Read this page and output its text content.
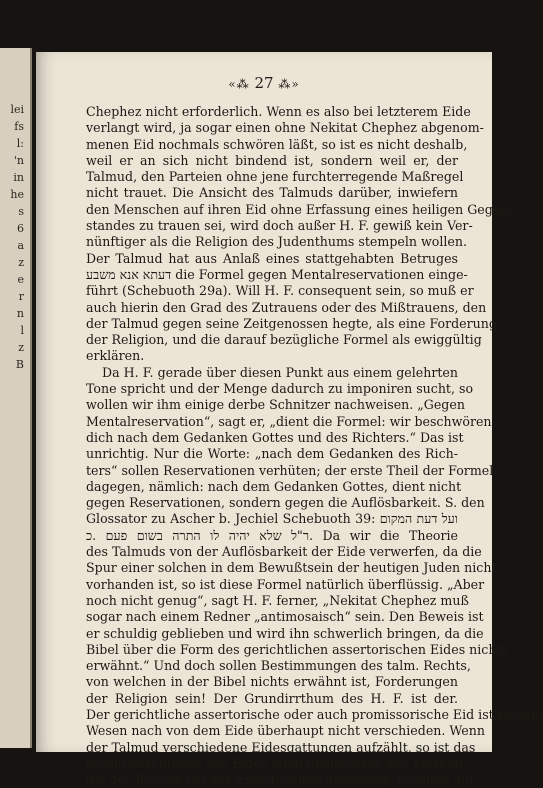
lei
fs
l:
'n
in
he
s
6
a
z
e
r
n
l
z
B
«⁂ 27 ⁂»
Chephez nicht erforderlich. Wenn es also bei letzterem Eide
verlangt wird, ja sogar einen ohne Nekitat Chephez abgenom-
menen Eid nochmals schwören läßt, so ist es nicht deshalb,
weil er an sich nicht bindend ist, sondern weil er, der
Talmud, den Parteien ohne jene furchterregende Maßregel
nicht trauet. Die Ansicht des Talmuds darüber, inwiefern
den Menschen auf ihren Eid ohne Erfassung eines heiligen Gegen-
standes zu trauen sei, wird doch außer H. F. gewiß kein Ver-
nünftiger als die Religion des Judenthums stempeln wollen.
Der Talmud hat aus Anlaß eines stattgehabten Betruges
דעתא אנא משבע die Formel gegen Mentalreservationen einge-
führt (Schebuoth 29a). Will H. F. consequent sein, so muß er
auch hierin den Grad des Zutrauens oder des Mißtrauens, den
der Talmud gegen seine Zeitgenossen hegte, als eine Forderung
der Religion, und die darauf bezügliche Formel als ewiggültig
erklären.
Da H. F. gerade über diesen Punkt aus einem gelehrten
Tone spricht und der Menge dadurch zu imponiren sucht, so
wollen wir ihm einige derbe Schnitzer nachweisen. „Gegen
Mentalreservation“, sagt er, „dient die Formel: wir beschwören
dich nach dem Gedanken Gottes und des Richters.“ Das ist
unrichtig. Nur die Worte: „nach dem Gedanken des Rich-
ters“ sollen Reservationen verhüten; der erste Theil der Formel
dagegen, nämlich: nach dem Gedanken Gottes, dient nicht
gegen Reservationen, sondern gegen die Auflösbarkeit. S. den
Glossator zu Ascher b. Jechiel Schebuoth 39: ועל דעת המקום
ר"ל שלא יהיה לו התרה בשום פעם .כ. Da wir die Theorie
des Talmuds von der Auflösbarkeit der Eide verwerfen, da die
Spur einer solchen in dem Bewußtsein der heutigen Juden nicht
vorhanden ist, so ist diese Formel natürlich überflüssig. „Aber
noch nicht genug“, sagt H. F. ferner, „Nekitat Chephez muß
sogar nach einem Redner „antimosaisch“ sein. Den Beweis ist
er schuldig geblieben und wird ihn schwerlich bringen, da die
Bibel über die Form des gerichtlichen assertorischen Eides nichts
erwähnt.“ Und doch sollen Bestimmungen des talm. Rechts,
von welchen in der Bibel nichts erwähnt ist, Forderungen
der Religion sein! Der Grundirrthum des H. F. ist der.
Der gerichtliche assertorische oder auch promissorische Eid ist seinem
Wesen nach von dem Eide überhaupt nicht verschieden. Wenn
der Talmud verschiedene Eidesgattungen aufzählt, so ist das
Grundwesentliche des Eides allen gemeinsam. Die Formen,
die der Richter bei der Eidesleistung anwendet, beruhen auf
